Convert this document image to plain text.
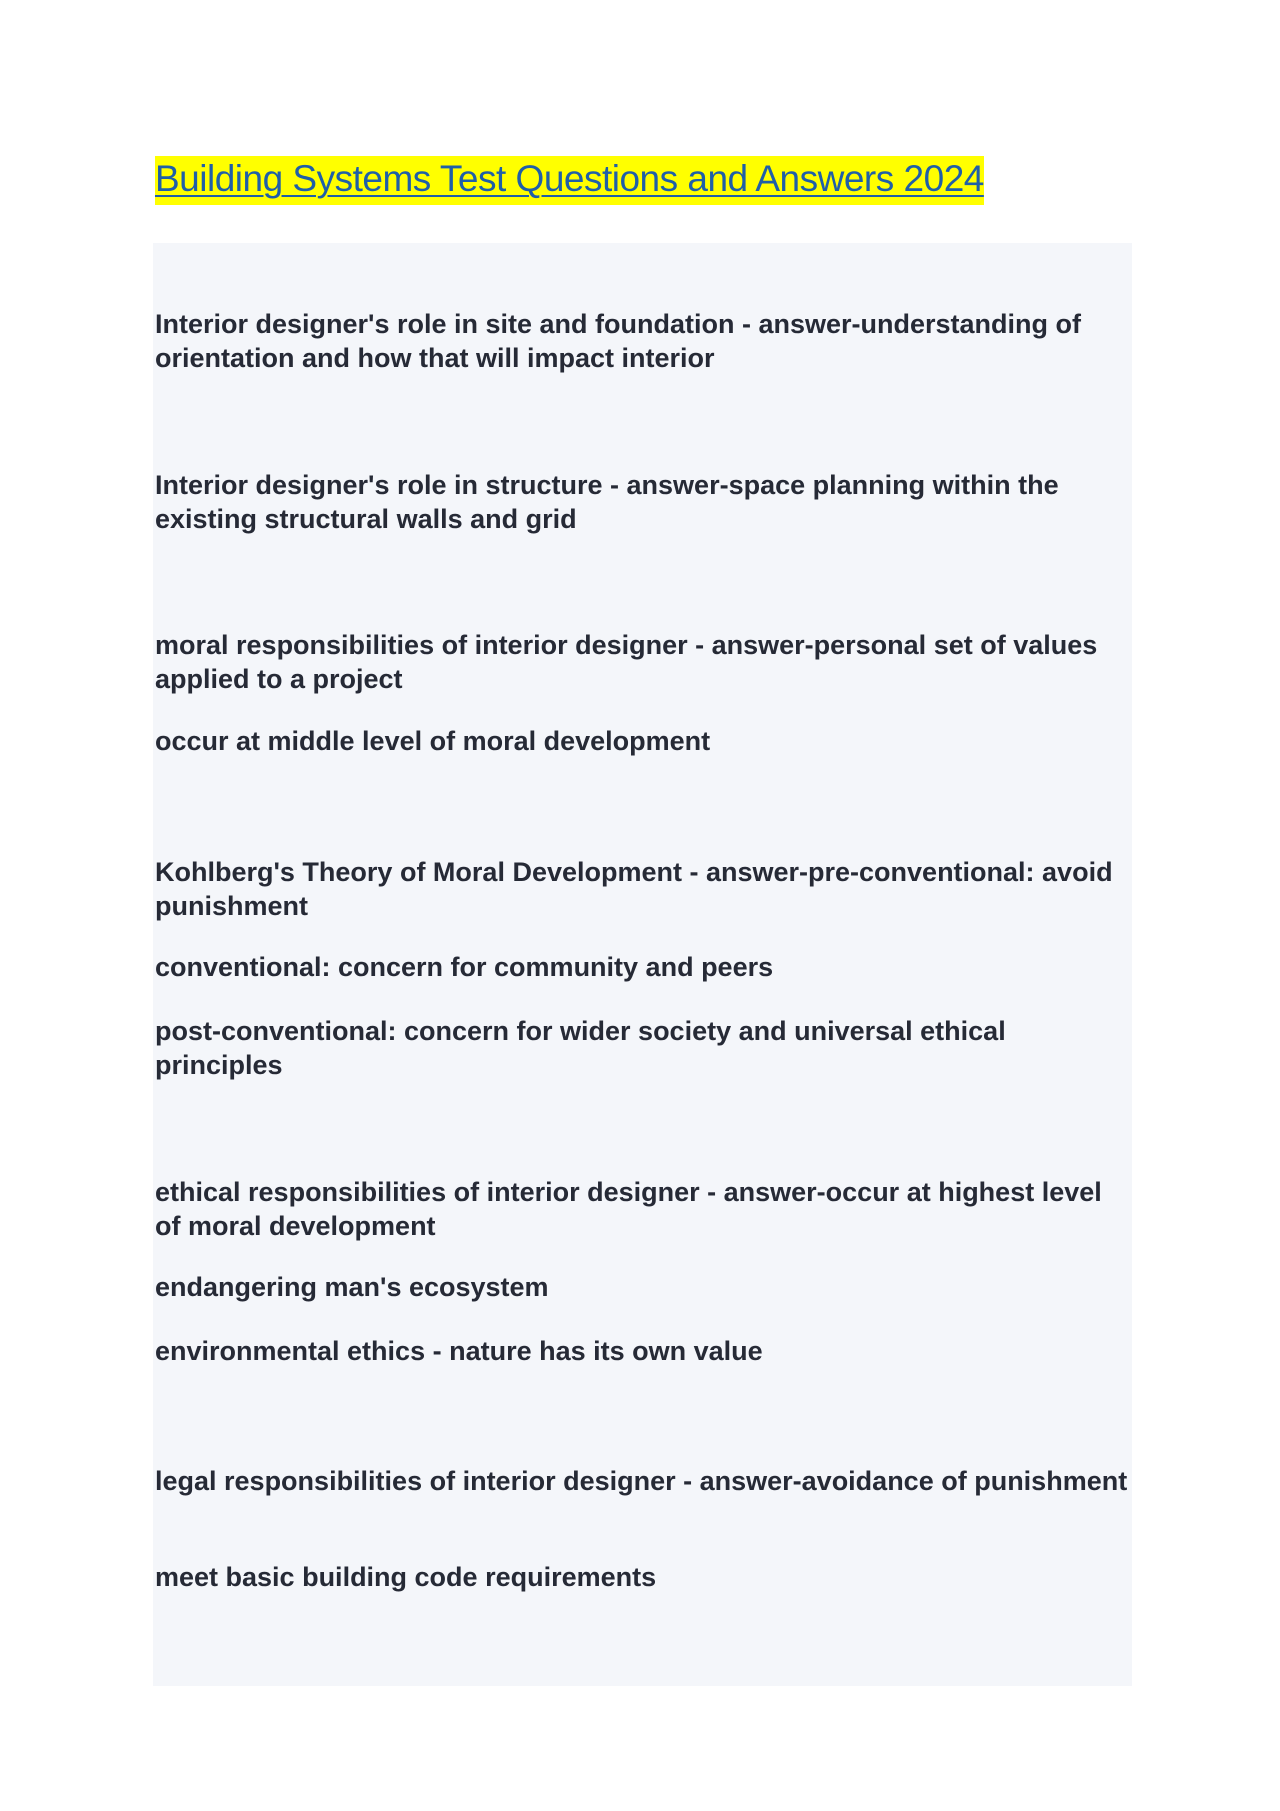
Building Systems Test Questions and Answers 2024

Interior designer's role in site and foundation - answer-understanding of orientation and how that will impact interior

Interior designer's role in structure - answer-space planning within the existing structural walls and grid

moral responsibilities of interior designer - answer-personal set of values applied to a project

occur at middle level of moral development

Kohlberg's Theory of Moral Development - answer-pre-conventional: avoid punishment

conventional: concern for community and peers

post-conventional: concern for wider society and universal ethical principles

ethical responsibilities of interior designer - answer-occur at highest level of moral development

endangering man's ecosystem

environmental ethics - nature has its own value

legal responsibilities of interior designer - answer-avoidance of punishment

meet basic building code requirements
